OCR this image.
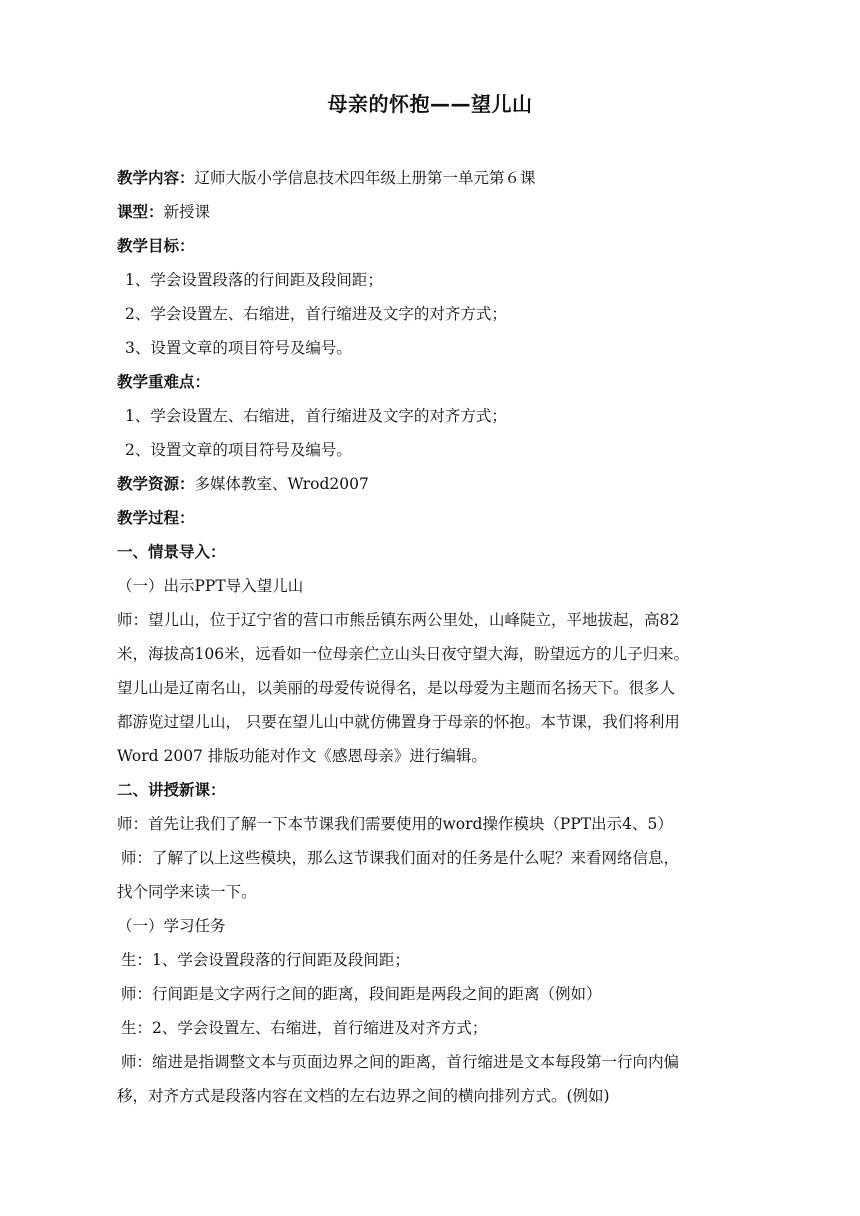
母亲的怀抱——望儿山
教学内容：辽师大版小学信息技术四年级上册第一单元第６课
课型：新授课
教学目标：
1、学会设置段落的行间距及段间距；
2、学会设置左、右缩进，首行缩进及文字的对齐方式；
3、设置文章的项目符号及编号。
教学重难点：
1、学会设置左、右缩进，首行缩进及文字的对齐方式；
2、设置文章的项目符号及编号。
教学资源：多媒体教室、Wrod2007
教学过程：
一、情景导入：
（一）出示PPT导入望儿山
师：望儿山，位于辽宁省的营口市熊岳镇东两公里处，山峰陡立，平地拔起，高82
米，海拔高106米，远看如一位母亲伫立山头日夜守望大海，盼望远方的儿子归来。
望儿山是辽南名山，以美丽的母爱传说得名，是以母爱为主题而名扬天下。很多人
都游览过望儿山， 只要在望儿山中就仿佛置身于母亲的怀抱。本节课，我们将利用
Word 2007 排版功能对作文《感恩母亲》进行编辑。
二、讲授新课：
师：首先让我们了解一下本节课我们需要使用的word操作模块（PPT出示4、5）
师：了解了以上这些模块，那么这节课我们面对的任务是什么呢？来看网络信息，
找个同学来读一下。
（一）学习任务
生：1、学会设置段落的行间距及段间距；
师：行间距是文字两行之间的距离，段间距是两段之间的距离（例如）
生：2、学会设置左、右缩进，首行缩进及对齐方式；
师：缩进是指调整文本与页面边界之间的距离，首行缩进是文本每段第一行向内偏
移，对齐方式是段落内容在文档的左右边界之间的横向排列方式。(例如)
